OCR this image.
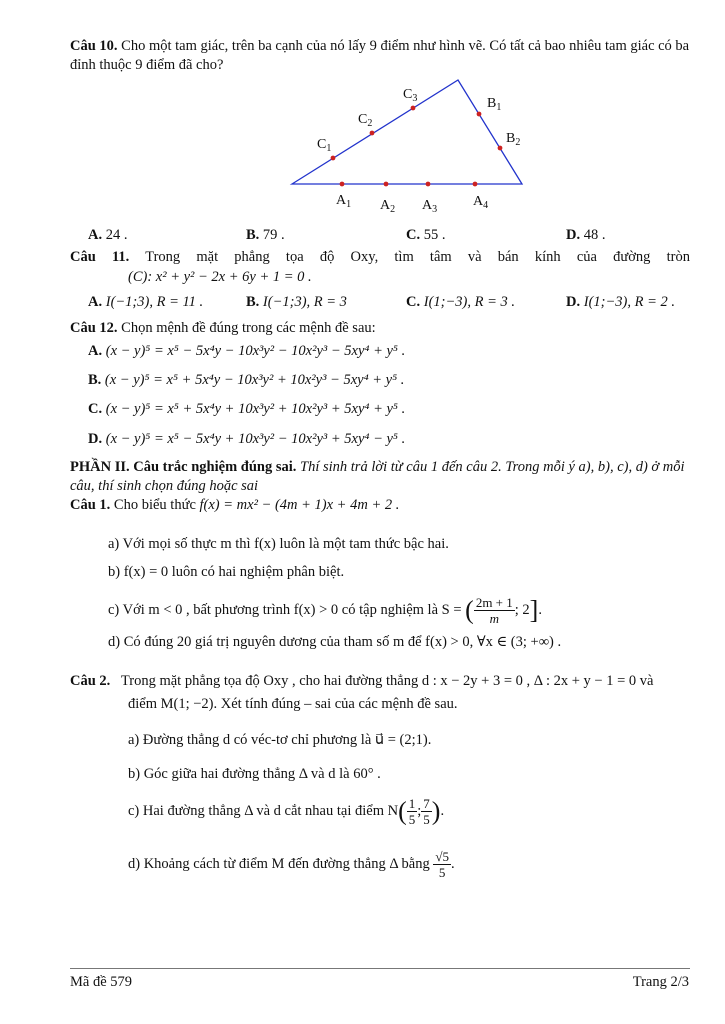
Câu 10. Cho một tam giác, trên ba cạnh của nó lấy 9 điểm như hình vẽ. Có tất cả bao nhiêu tam giác có ba đỉnh thuộc 9 điểm đã cho?
$C_1$
$C_2$
$C_3$	$B_1$
$B_2$
$A_1$ $A_2$ $A_3$
$A_4$
A. 24 .	B. 79 .	C. 55 .	D. 48 .
Câu 11. Trong mặt phẳng tọa độ Oxy, tìm tâm và bán kính của đường tròn
(C): x² + y² − 2x + 6y + 1 = 0 .
A. I(−1;3), R = 11 .	B. I(−1;3), R = 3	C. I(1;−3), R = 3 .	D. I(1;−3), R = 2 .
Câu 12. Chọn mệnh đề đúng trong các mệnh đề sau:
A. (x − y)⁵ = x⁵ − 5x⁴y − 10x³y² − 10x²y³ − 5xy⁴ + y⁵ .
B. (x − y)⁵ = x⁵ + 5x⁴y − 10x³y² + 10x²y³ − 5xy⁴ + y⁵ .
C. (x − y)⁵ = x⁵ + 5x⁴y + 10x³y² + 10x²y³ + 5xy⁴ + y⁵ .
D. (x − y)⁵ = x⁵ − 5x⁴y + 10x³y² − 10x²y³ + 5xy⁴ − y⁵ .
PHẦN II. Câu trắc nghiệm đúng sai. Thí sinh trả lời từ câu 1 đến câu 2. Trong mỗi ý a), b), c), d) ở mỗi câu, thí sinh chọn đúng hoặc sai
Câu 1. Cho biểu thức f(x) = mx² − (4m + 1)x + 4m + 2 .
a) Với mọi số thực m thì f(x) luôn là một tam thức bậc hai.
b) f(x) = 0 luôn có hai nghiệm phân biệt.
c) Với m < 0 , bất phương trình f(x) > 0 có tập nghiệm là S = ( $\frac{2m + 1}{m}$ ; 2].
d) Có đúng 20 giá trị nguyên dương của tham số m để f(x) > 0, ∀x ∈ (3; +∞) .
Câu 2. Trong mặt phẳng tọa độ Oxy , cho hai đường thẳng d : x − 2y + 3 = 0 , Δ : 2x + y − 1 = 0 và
điểm M(1; −2). Xét tính đúng – sai của các mệnh đề sau.
a) Đường thẳng d có véc-tơ chỉ phương là u⃗ = (2;1).
b) Góc giữa hai đường thẳng Δ và d là 60° .
c) Hai đường thẳng Δ và d cắt nhau tại điểm $N( \frac{1}{5}$ ; $\frac{7}{5}$ ).
d) Khoảng cách từ điểm M đến đường thẳng Δ bằng $\frac{√5}{5}$ .
Mã đề 579	Trang 2/3
